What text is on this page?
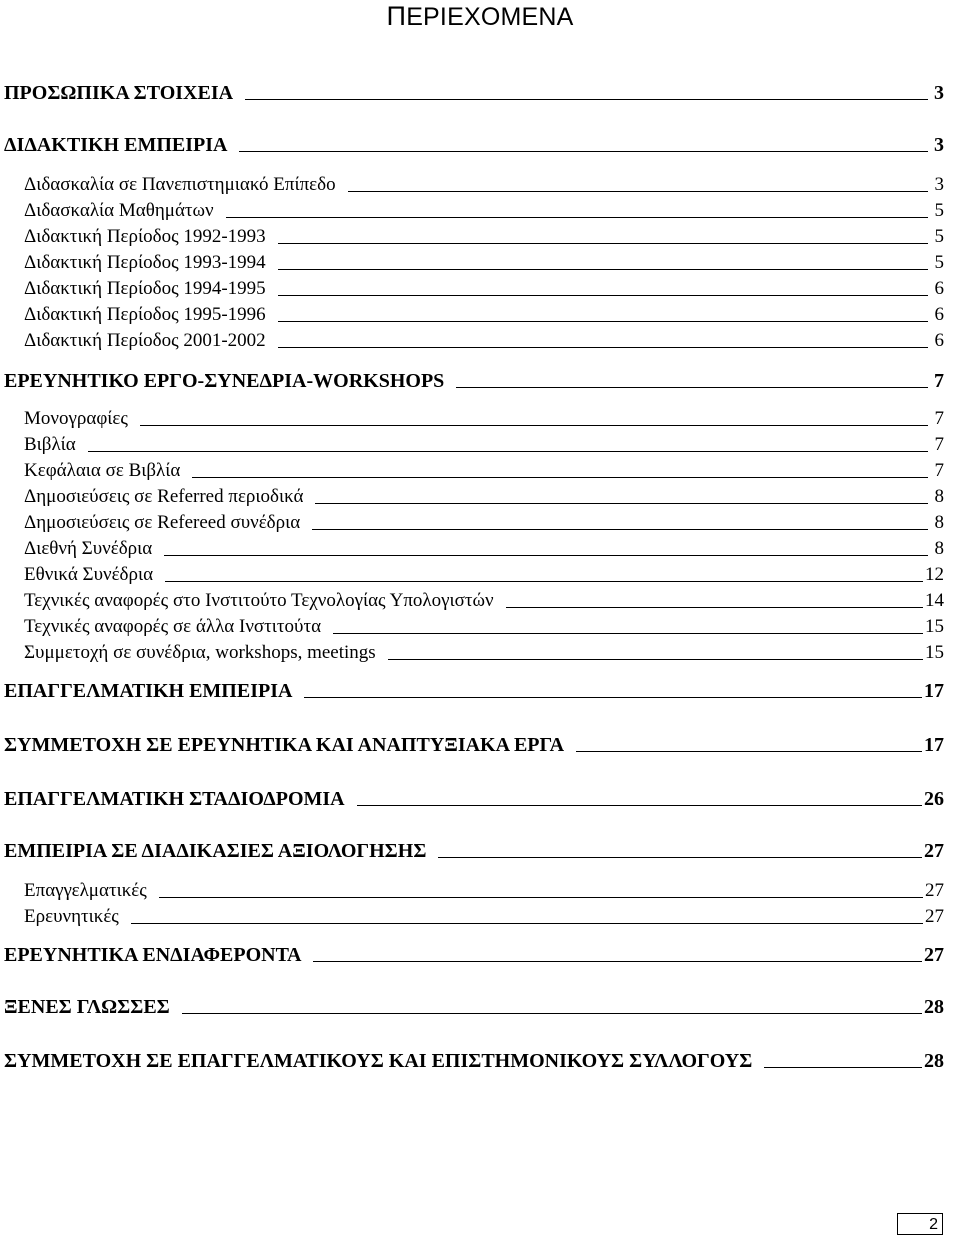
ΠΕΡΙΕΧΟΜΕΝΑ
ΠΡΟΣΩΠΙΚΑ ΣΤΟΙΧΕΙΑ	3
ΔΙΔΑΚΤΙΚΗ ΕΜΠΕΙΡΙΑ	3
Διδασκαλία σε Πανεπιστημιακό Επίπεδο	3
Διδασκαλία Μαθημάτων	5
Διδακτική Περίοδος 1992-1993	5
Διδακτική Περίοδος 1993-1994	5
Διδακτική Περίοδος 1994-1995	6
Διδακτική Περίοδος 1995-1996	6
Διδακτική Περίοδος 2001-2002	6
ΕΡΕΥΝΗΤΙΚΟ ΕΡΓΟ-ΣΥΝΕΔΡΙΑ-WORKSHOPS	7
Μονογραφίες	7
Βιβλία	7
Κεφάλαια σε Βιβλία	7
Δημοσιεύσεις σε Referred περιοδικά	8
Δημοσιεύσεις σε Refereed συνέδρια	8
Διεθνή Συνέδρια	8
Εθνικά Συνέδρια	12
Τεχνικές αναφορές στο Ινστιτούτο Τεχνολογίας Υπολογιστών	14
Τεχνικές αναφορές σε άλλα Ινστιτούτα	15
Συμμετοχή σε συνέδρια, workshops, meetings	15
ΕΠΑΓΓΕΛΜΑΤΙΚΗ ΕΜΠΕΙΡΙΑ	17
ΣΥΜΜΕΤΟΧΗ ΣΕ ΕΡΕΥΝΗΤΙΚΑ ΚΑΙ ΑΝΑΠΤΥΞΙΑΚΑ ΕΡΓΑ	17
ΕΠΑΓΓΕΛΜΑΤΙΚΗ ΣΤΑΔΙΟΔΡΟΜΙΑ	26
ΕΜΠΕΙΡΙΑ ΣΕ ΔΙΑΔΙΚΑΣΙΕΣ ΑΞΙΟΛΟΓΗΣΗΣ	27
Επαγγελματικές	27
Ερευνητικές	27
ΕΡΕΥΝΗΤΙΚΑ ΕΝΔΙΑΦΕΡΟΝΤΑ	27
ΞΕΝΕΣ ΓΛΩΣΣΕΣ	28
ΣΥΜΜΕΤΟΧΗ ΣΕ ΕΠΑΓΓΕΛΜΑΤΙΚΟΥΣ ΚΑΙ ΕΠΙΣΤΗΜΟΝΙΚΟΥΣ ΣΥΛΛΟΓΟΥΣ	28
2
